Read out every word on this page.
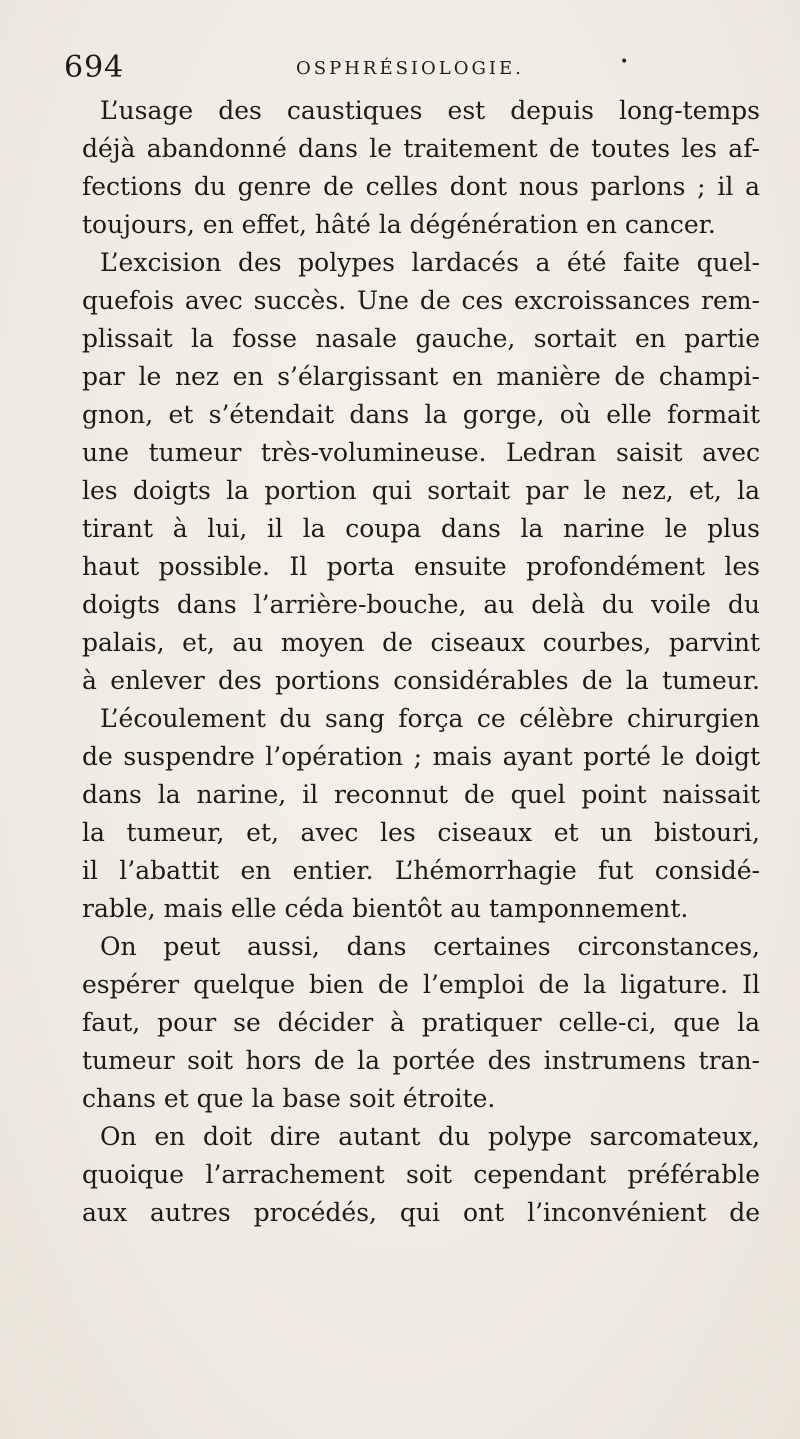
694	OSPHRÉSIOLOGIE.	•
L’usage des caustiques est depuis long-temps
déjà abandonné dans le traitement de toutes les af-
fections du genre de celles dont nous parlons ; il a
toujours, en effet, hâté la dégénération en cancer.
L’excision des polypes lardacés a été faite quel-
quefois avec succès. Une de ces excroissances rem-
plissait la fosse nasale gauche, sortait en partie
par le nez en s’élargissant en manière de champi-
gnon, et s’étendait dans la gorge, où elle formait
une tumeur très-volumineuse. Ledran saisit avec
les doigts la portion qui sortait par le nez, et, la
tirant à lui, il la coupa dans la narine le plus
haut possible. Il porta ensuite profondément les
doigts dans l’arrière-bouche, au delà du voile du
palais, et, au moyen de ciseaux courbes, parvint
à enlever des portions considérables de la tumeur.
L’écoulement du sang força ce célèbre chirurgien
de suspendre l’opération ; mais ayant porté le doigt
dans la narine, il reconnut de quel point naissait
la tumeur, et, avec les ciseaux et un bistouri,
il l’abattit en entier. L’hémorrhagie fut considé-
rable, mais elle céda bientôt au tamponnement.
On peut aussi, dans certaines circonstances,
espérer quelque bien de l’emploi de la ligature. Il
faut, pour se décider à pratiquer celle-ci, que la
tumeur soit hors de la portée des instrumens tran-
chans et que la base soit étroite.
On en doit dire autant du polype sarcomateux,
quoique l’arrachement soit cependant préférable
aux autres procédés, qui ont l’inconvénient de
